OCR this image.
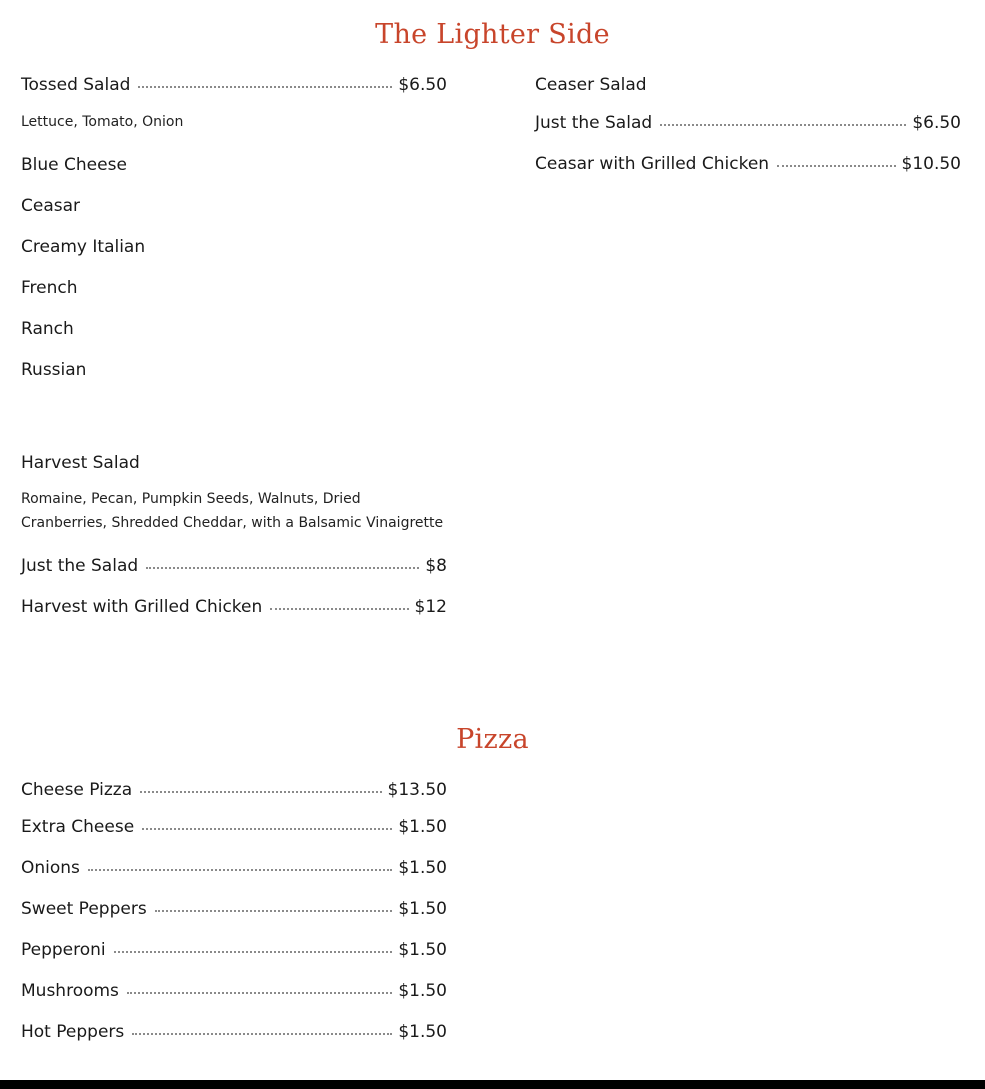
The Lighter Side
Tossed Salad	$6.50
Lettuce, Tomato, Onion
Blue Cheese
Ceasar
Creamy Italian
French
Ranch
Russian
Harvest Salad
Romaine, Pecan, Pumpkin Seeds, Walnuts, Dried Cranberries, Shredded Cheddar, with a Balsamic Vinaigrette
Just the Salad	$8
Harvest with Grilled Chicken	$12
Ceaser Salad
Just the Salad	$6.50
Ceasar with Grilled Chicken	$10.50
Pizza
Cheese Pizza	$13.50
Extra Cheese	$1.50
Onions	$1.50
Sweet Peppers	$1.50
Pepperoni	$1.50
Mushrooms	$1.50
Hot Peppers	$1.50
